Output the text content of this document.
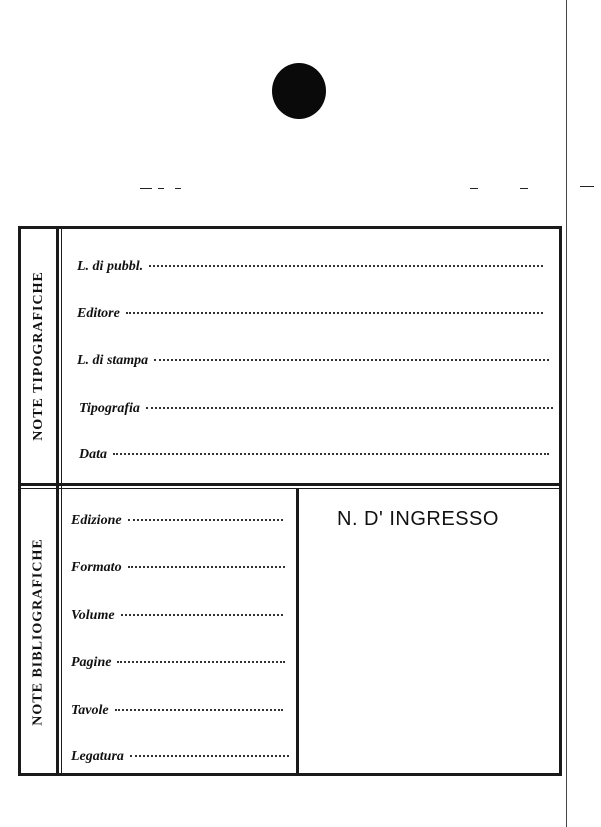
NOTE TIPOGRAFICHE
NOTE BIBLIOGRAFICHE
L. di pubbl.
Editore
L. di stampa
Tipografia
Data
Edizione
Formato
Volume
Pagine
Tavole
Legatura
N. D' INGRESSO
